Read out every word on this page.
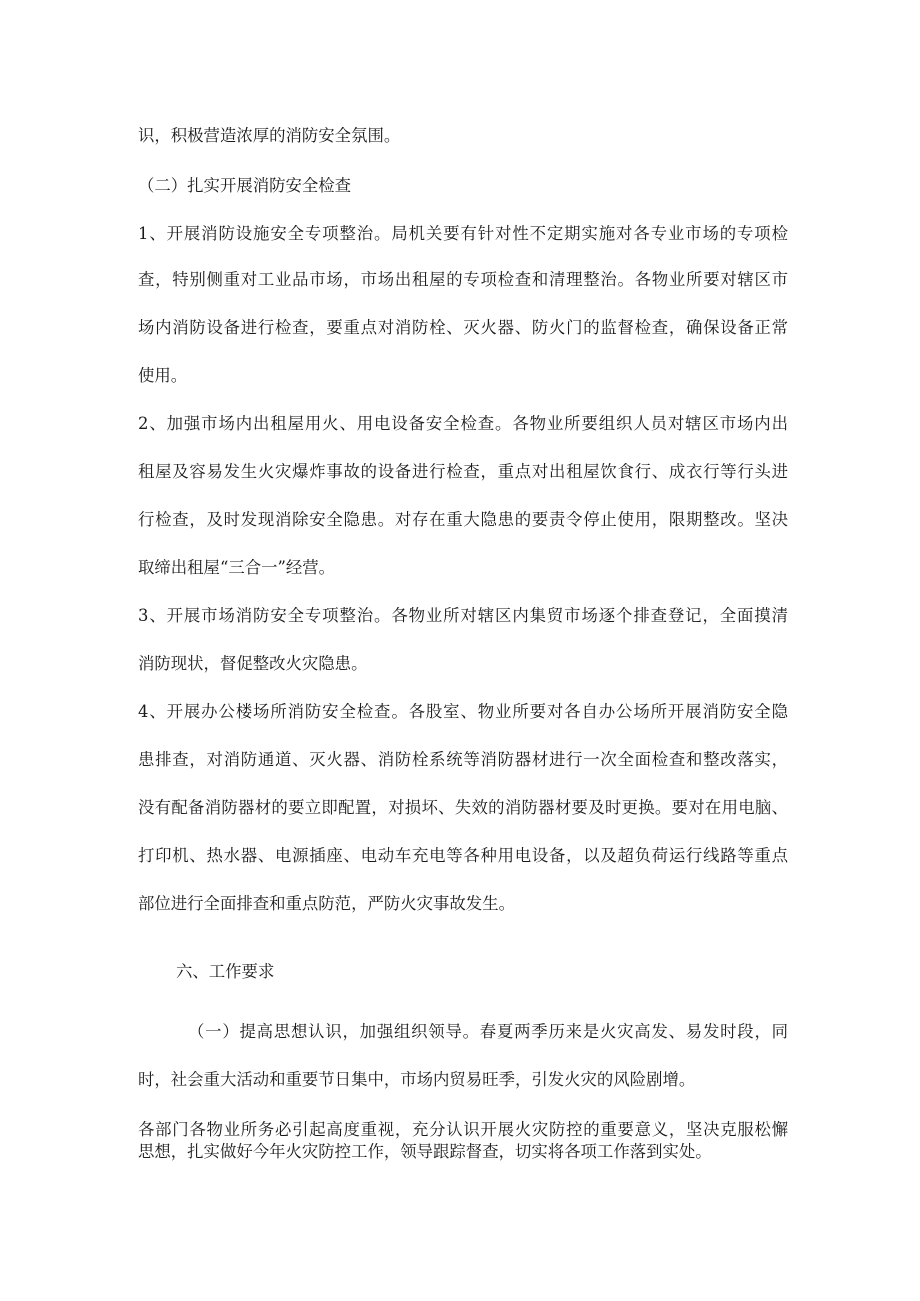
识，积极营造浓厚的消防安全氛围。
（二）扎实开展消防安全检查
1、开展消防设施安全专项整治。局机关要有针对性不定期实施对各专业市场的专项检
查，特别侧重对工业品市场，市场出租屋的专项检查和清理整治。各物业所要对辖区市
场内消防设备进行检查，要重点对消防栓、灭火器、防火门的监督检查，确保设备正常
使用。
2、加强市场内出租屋用火、用电设备安全检查。各物业所要组织人员对辖区市场内出
租屋及容易发生火灾爆炸事故的设备进行检查，重点对出租屋饮食行、成衣行等行头进
行检查，及时发现消除安全隐患。对存在重大隐患的要责令停止使用，限期整改。坚决
取缔出租屋“三合一”经营。
3、开展市场消防安全专项整治。各物业所对辖区内集贸市场逐个排查登记，全面摸清
消防现状，督促整改火灾隐患。
4、开展办公楼场所消防安全检查。各股室、物业所要对各自办公场所开展消防安全隐
患排查，对消防通道、灭火器、消防栓系统等消防器材进行一次全面检查和整改落实，
没有配备消防器材的要立即配置，对损坏、失效的消防器材要及时更换。要对在用电脑、
打印机、热水器、电源插座、电动车充电等各种用电设备，以及超负荷运行线路等重点
部位进行全面排查和重点防范，严防火灾事故发生。
六、工作要求
（一）提高思想认识，加强组织领导。春夏两季历来是火灾高发、易发时段，同
时，社会重大活动和重要节日集中，市场内贸易旺季，引发火灾的风险剧增。
各部门各物业所务必引起高度重视，充分认识开展火灾防控的重要意义，坚决克服松懈
思想，扎实做好今年火灾防控工作，领导跟踪督查，切实将各项工作落到实处。
